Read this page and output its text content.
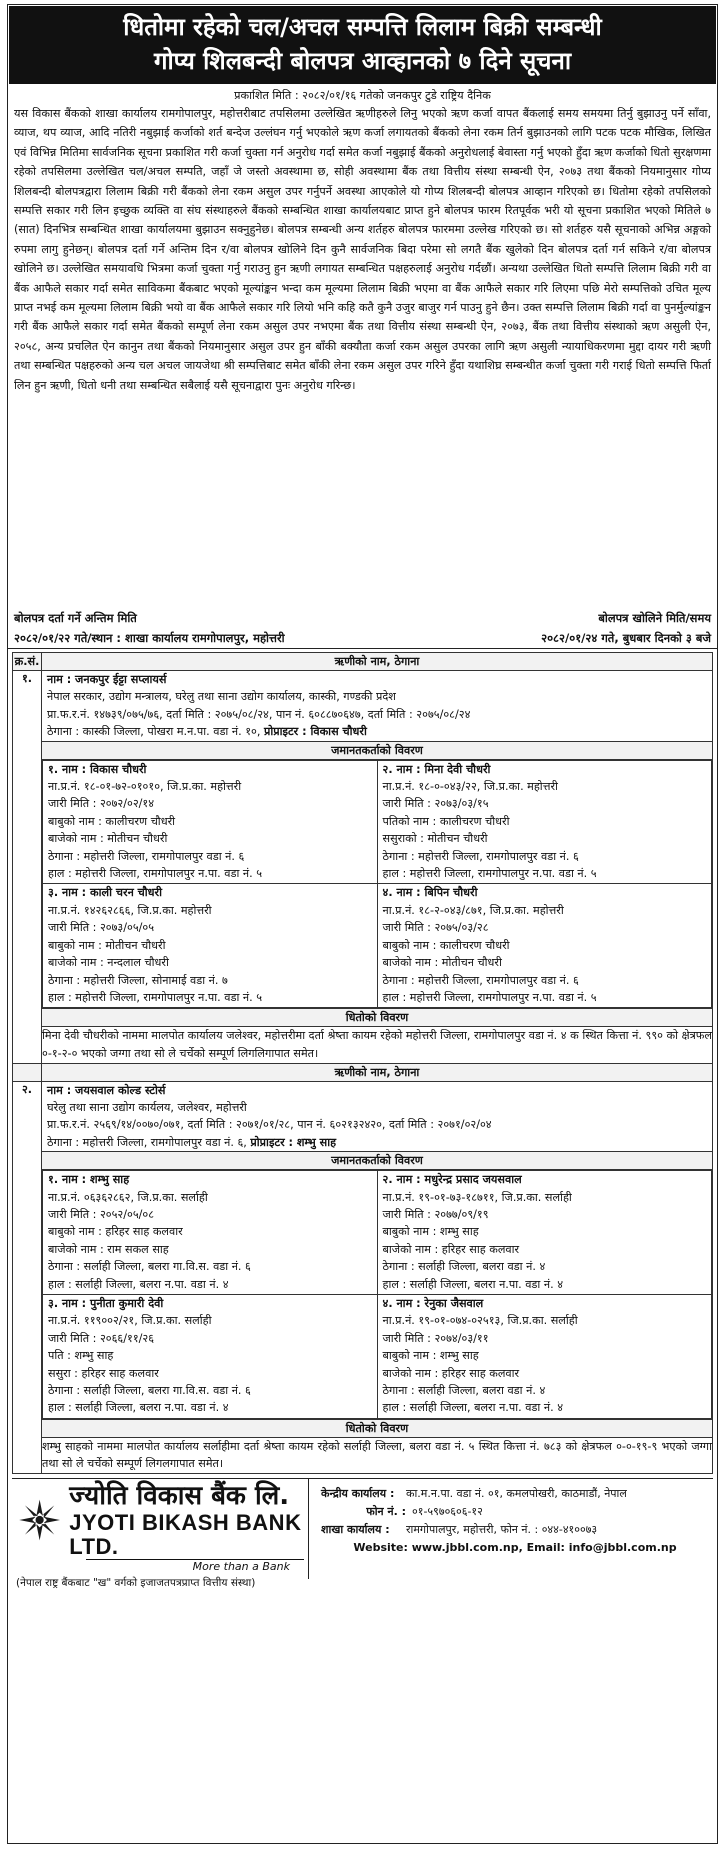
धितोमा रहेको चल/अचल सम्पत्ति लिलाम बिक्री सम्बन्धी
गोप्य शिलबन्दी बोलपत्र आव्हानको ७ दिने सूचना
प्रकाशित मिति : २०८२/०१/१६ गतेको जनकपुर टुडे राष्ट्रिय दैनिक
यस विकास बैंकको शाखा कार्यालय रामगोपालपुर, महोत्तरीबाट तपसिलमा उल्लेखित ऋणीहरुले लिनु भएको ऋण कर्जा वापत बैंकलाई समय समयमा तिर्नु बुझाउनु पर्ने साँवा, व्याज, थप व्याज, आदि नतिरी नबुझाई कर्जाको शर्त बन्देज उल्लंघन गर्नु भएकोले ऋण कर्जा लगायतको बैंकको लेना रकम तिर्न बुझाउनको लागि पटक पटक मौखिक, लिखित एवं विभिन्न मितिमा सार्वजनिक सूचना प्रकाशित गरी कर्जा चुक्ता गर्न अनुरोध गर्दा समेत कर्जा नबुझाई बैंकको अनुरोधलाई बेवास्ता गर्नु भएको हुँदा ऋण कर्जाको धितो सुरक्षणमा रहेको तपसिलमा उल्लेखित चल/अचल सम्पति, जहाँ जे जस्तो अवस्थामा छ, सोही अवस्थामा बैंक तथा वित्तीय संस्था सम्बन्धी ऐन, २०७३ तथा बैंकको नियमानुसार गोप्य शिलबन्दी बोलपत्रद्वारा लिलाम बिक्री गरी बैंकको लेना रकम असुल उपर गर्नुपर्ने अवस्था आएकोले यो गोप्य शिलबन्दी बोलपत्र आव्हान गरिएको छ। धितोमा रहेको तपसिलको सम्पत्ति सकार गरी लिन इच्छुक व्यक्ति वा संघ संस्थाहरुले बैंकको सम्बन्धित शाखा कार्यालयबाट प्राप्त हुने बोलपत्र फारम रितपूर्वक भरी यो सूचना प्रकाशित भएको मितिले ७ (सात) दिनभित्र सम्बन्धित शाखा कार्यालयमा बुझाउन सक्नुहुनेछ। बोलपत्र सम्बन्धी अन्य शर्तहरु बोलपत्र फारममा उल्लेख गरिएको छ। सो शर्तहरु यसै सूचनाको अभिन्न अङ्गको रुपमा लागु हुनेछन्। बोलपत्र दर्ता गर्ने अन्तिम दिन र/वा बोलपत्र खोलिने दिन कुनै सार्वजनिक बिदा परेमा सो लगतै बैंक खुलेको दिन बोलपत्र दर्ता गर्न सकिने र/वा बोलपत्र खोलिने छ। उल्लेखित समयावधि भित्रमा कर्जा चुक्ता गर्नु गराउनु हुन ऋणी लगायत सम्बन्धित पक्षहरुलाई अनुरोध गर्दछौं। अन्यथा उल्लेखित धितो सम्पत्ति लिलाम बिक्री गरी वा बैंक आफैले सकार गर्दा समेत साविकमा बैंकबाट भएको मूल्यांङ्कन भन्दा कम मूल्यमा लिलाम बिक्री भएमा वा बैंक आफैले सकार गरि लिएमा पछि मेरो सम्पत्तिको उचित मूल्य प्राप्त नभई कम मूल्यमा लिलाम बिक्री भयो वा बैंक आफैले सकार गरि लियो भनि कहि कतै कुनै उजुर बाजुर गर्न पाउनु हुने छैन। उक्त सम्पत्ति लिलाम बिक्री गर्दा वा पुनर्मुल्यांङ्कन गरी बैंक आफैले सकार गर्दा समेत बैंकको सम्पूर्ण लेना रकम असुल उपर नभएमा बैंक तथा वित्तीय संस्था सम्बन्धी ऐन, २०७३, बैंक तथा वित्तीय संस्थाको ऋण असुली ऐन, २०५८, अन्य प्रचलित ऐन कानुन तथा बैंकको नियमानुसार असुल उपर हुन बाँकी बक्यौता कर्जा रकम असुल उपरका लागि ऋण असुली न्यायाधिकरणमा मुद्दा दायर गरी ऋणी तथा सम्बन्धित पक्षहरुको अन्य चल अचल जायजेथा श्री सम्पत्तिबाट समेत बाँकी लेना रकम असुल उपर गरिने हुँदा यथाशिघ्र सम्बन्धीत कर्जा चुक्ता गरी गराई धितो सम्पत्ति फिर्ता लिन हुन ऋणी, धितो धनी तथा सम्बन्धित सबैलाई यसै सूचनाद्वारा पुनः अनुरोध गरिन्छ।
बोलपत्र दर्ता गर्ने अन्तिम मिति	बोलपत्र खोलिने मिति/समय
२०८२/०१/२२ गते/स्थान : शाखा कार्यालय रामगोपालपुर, महोत्तरी	२०८२/०१/२४ गते, बुधबार दिनको ३ बजे
क्र.सं.	ऋणीको नाम, ठेगाना
१.	नाम : जनकपुर ईट्टा सप्लायर्स
नेपाल सरकार, उद्योग मन्त्रालय, घरेलु तथा साना उद्योग कार्यालय, कास्की, गण्डकी प्रदेश
प्रा.फ.र.नं. १४७३९/०७५/७६, दर्ता मिति : २०७५/०८/२४, पान नं. ६०८८७०६४७, दर्ता मिति : २०७५/०८/२४
ठेगाना : कास्की जिल्ला, पोखरा म.न.पा. वडा नं. १०, प्रोप्राइटर : विकास चौधरी

जमानतकर्ताको विवरण

१. नाम : विकास चौधरी
ना.प्र.नं. १८-०१-७२-०१०१०, जि.प्र.का. महोत्तरी
जारी मिति : २०७२/०२/१४
बाबुको नाम : कालीचरण चौधरी
बाजेको नाम : मोतीचन चौधरी
ठेगाना : महोत्तरी जिल्ला, रामगोपालपुर वडा नं. ६
हाल : महोत्तरी जिल्ला, रामगोपालपुर न.पा. वडा नं. ५

२. नाम : मिना देवी चौधरी
ना.प्र.नं. १८-०-०४३/२२, जि.प्र.का. महोत्तरी
जारी मिति : २०७३/०३/१५
पतिको नाम : कालीचरण चौधरी
ससुराको : मोतीचन चौधरी
ठेगाना : महोत्तरी जिल्ला, रामगोपालपुर वडा नं. ६
हाल : महोत्तरी जिल्ला, रामगोपालपुर न.पा. वडा नं. ५

३. नाम : काली चरन चौधरी
ना.प्र.नं. १४२६२८६६, जि.प्र.का. महोत्तरी
जारी मिति : २०७३/०५/०५
बाबुको नाम : मोतीचन चौधरी
बाजेको नाम : नन्दलाल चौधरी
ठेगाना : महोत्तरी जिल्ला, सोनामाई वडा नं. ७
हाल : महोत्तरी जिल्ला, रामगोपालपुर न.पा. वडा नं. ५

४. नाम : बिपिन चौधरी
ना.प्र.नं. १८-२-०४३/८७१, जि.प्र.का. महोत्तरी
जारी मिति : २०७५/०३/२८
बाबुको नाम : कालीचरण चौधरी
बाजेको नाम : मोतीचन चौधरी
ठेगाना : महोत्तरी जिल्ला, रामगोपालपुर वडा नं. ६
हाल : महोत्तरी जिल्ला, रामगोपालपुर न.पा. वडा नं. ५

धितोको विवरण
मिना देवी चौधरीको नाममा मालपोत कार्यालय जलेश्वर, महोत्तरीमा दर्ता श्रेष्ता कायम रहेको महोत्तरी जिल्ला, रामगोपालपुर वडा नं. ४ क स्थित कित्ता नं. ९९० को क्षेत्रफल ०-१-२-० भएको जग्गा तथा सो ले चर्चेको सम्पूर्ण लिगलिगापात समेत।
	ऋणीको नाम, ठेगाना
२.	नाम : जयसवाल कोल्ड स्टोर्स
घरेलु तथा साना उद्योग कार्यलय, जलेश्वर, महोत्तरी
प्रा.फ.र.नं. २५६९/१४/००७०/०७१, दर्ता मिति : २०७१/०१/२८, पान नं. ६०२१३२४२०, दर्ता मिति : २०७१/०२/०४
ठेगाना : महोत्तरी जिल्ला, रामगोपालपुर वडा नं. ६, प्रोप्राइटर : शम्भु साह

जमानतकर्ताको विवरण

१. नाम : शम्भु साह
ना.प्र.नं. ०६३६२८६२, जि.प्र.का. सर्लाही
जारी मिति : २०५२/०५/०८
बाबुको नाम : हरिहर साह कलवार
बाजेको नाम : राम सकल साह
ठेगाना : सर्लाही जिल्ला, बलरा गा.वि.स. वडा नं. ६
हाल : सर्लाही जिल्ला, बलरा न.पा. वडा नं. ४

२. नाम : मधुरेन्द्र प्रसाद जयसवाल
ना.प्र.नं. १९-०१-७३-१८७११, जि.प्र.का. सर्लाही
जारी मिति : २०७७/०९/१९
बाबुको नाम : शम्भु साह
बाजेको नाम : हरिहर साह कलवार
ठेगाना : सर्लाही जिल्ला, बलरा वडा नं. ४
हाल : सर्लाही जिल्ला, बलरा न.पा. वडा नं. ४

३. नाम : पुनीता कुमारी देवी
ना.प्र.नं. ११९००२/२१, जि.प्र.का. सर्लाही
जारी मिति : २०६६/११/२६
पति : शम्भु साह
ससुरा : हरिहर साह कलवार
ठेगाना : सर्लाही जिल्ला, बलरा गा.वि.स. वडा नं. ६
हाल : सर्लाही जिल्ला, बलरा न.पा. वडा नं. ४

४. नाम : रेनुका जैसवाल
ना.प्र.नं. १९-०१-०७४-०२५१३, जि.प्र.का. सर्लाही
जारी मिति : २०७४/०३/११
बाबुको नाम : शम्भु साह
बाजेको नाम : हरिहर साह कलवार
ठेगाना : सर्लाही जिल्ला, बलरा वडा नं. ४
हाल : सर्लाही जिल्ला, बलरा न.पा. वडा नं. ४

धितोको विवरण
शम्भु साहको नाममा मालपोत कार्यालय सर्लाहीमा दर्ता श्रेष्ता कायम रहेको सर्लाही जिल्ला, बलरा वडा नं. ५ स्थित कित्ता नं. ७८३ को क्षेत्रफल ०-०-१९-९ भएको जग्गा तथा सो ले चर्चेको सम्पूर्ण लिगलगापात समेत।
ज्योति विकास बैंक लि.
JYOTI BIKASH BANK LTD.
More than a Bank
(नेपाल राष्ट्र बैंकबाट "ख" वर्गको इजाजतपत्रप्राप्त वित्तीय संस्था)
केन्द्रीय कार्यालय :	का.म.न.पा. वडा नं. ०१, कमलपोखरी, काठमाडौं, नेपाल
फोन नं. : ०१-५९७०६०६-१२
शाखा कार्यालय :	रामगोपालपुर, महोत्तरी, फोन नं. : ०४४-४१००७३
Website: www.jbbl.com.np, Email: info@jbbl.com.np
